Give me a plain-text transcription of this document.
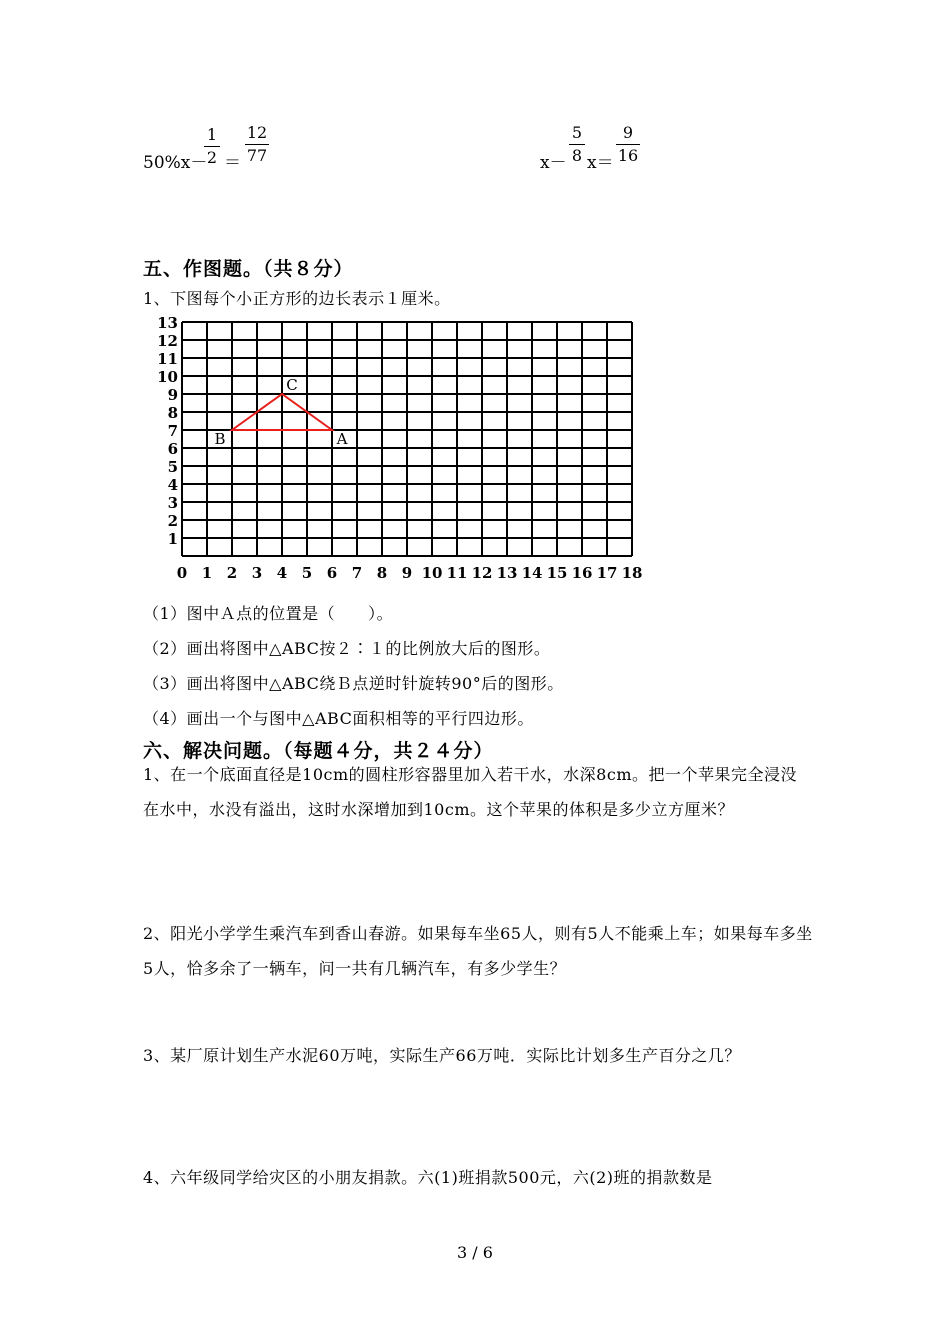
50%x－
1
2 ＝
12
77	x－
5
8 x＝
9
16
五、作图题。（共８分）
1、下图每个小正方形的边长表示１厘米。
1
2
3
4
5
6
7
8
9
10
11
12
13
0 1 2 3 4 5 6 7 8 9 10 11 12 13 14 15 16 17 18
A
B
C
（1）图中Ａ点的位置是（　　）。
（2）画出将图中△ABC按２∶１的比例放大后的图形。
（3）画出将图中△ABC绕Ｂ点逆时针旋转90°后的图形。
（4）画出一个与图中△ABC面积相等的平行四边形。
六、解决问题。（每题４分，共２４分）
1、在一个底面直径是10cm的圆柱形容器里加入若干水，水深8cm。把一个苹果完全浸没在水中，水没有溢出，这时水深增加到10cm。这个苹果的体积是多少立方厘米？
2、阳光小学学生乘汽车到香山春游。如果每车坐65人，则有5人不能乘上车；如果每车多坐5人，恰多余了一辆车，问一共有几辆汽车，有多少学生？
3、某厂原计划生产水泥60万吨，实际生产66万吨．实际比计划多生产百分之几？
4、六年级同学给灾区的小朋友捐款。六(1)班捐款500元，六(2)班的捐款数是
3 / 6
